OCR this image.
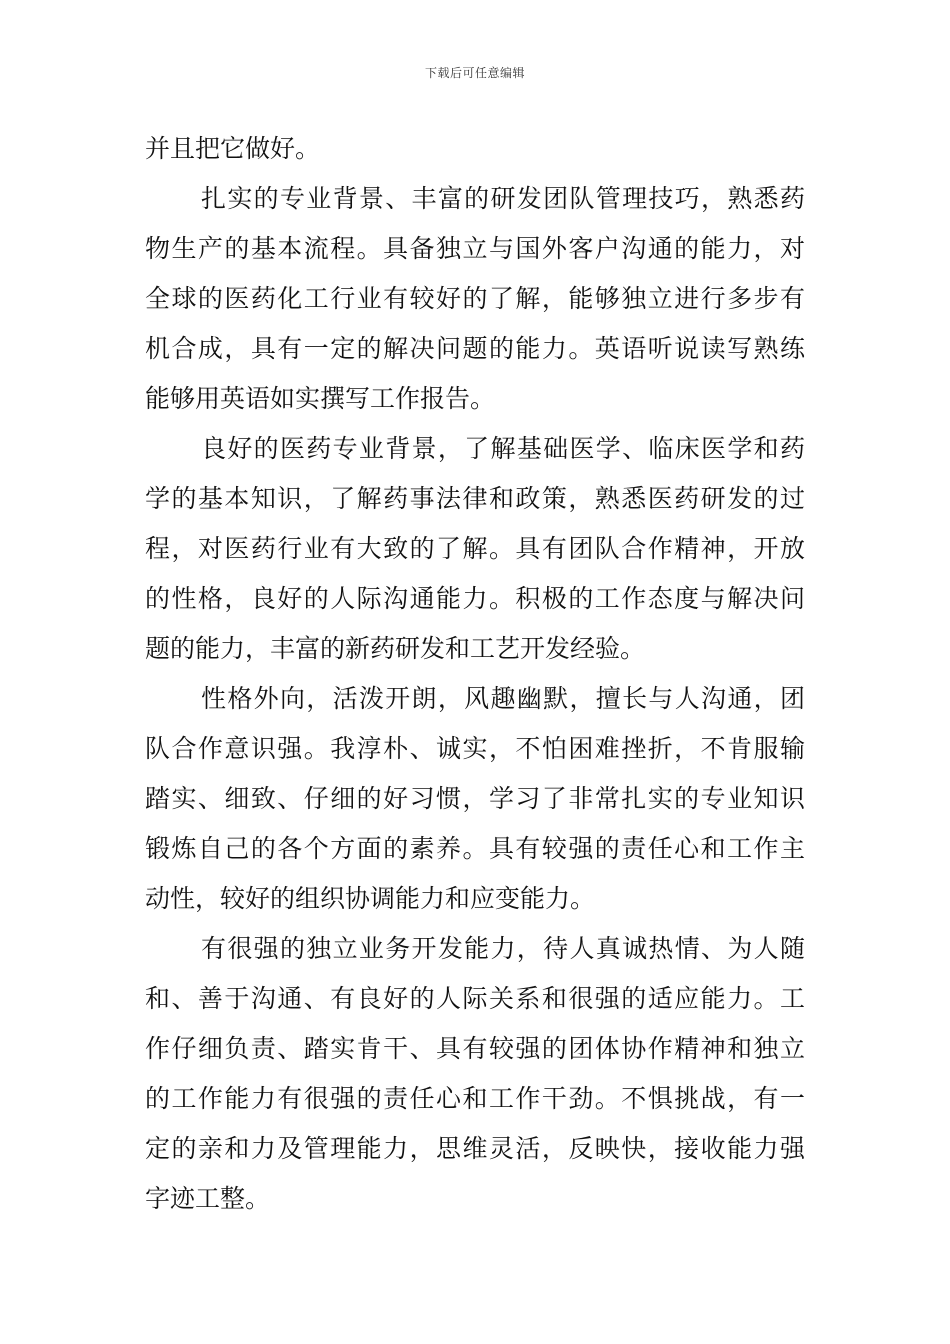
下载后可任意编辑
并且把它做好。
扎实的专业背景、丰富的研发团队管理技巧，熟悉药
物生产的基本流程。具备独立与国外客户沟通的能力，对
全球的医药化工行业有较好的了解，能够独立进行多步有
机合成，具有一定的解决问题的能力。英语听说读写熟练
能够用英语如实撰写工作报告。
良好的医药专业背景，了解基础医学、临床医学和药
学的基本知识，了解药事法律和政策，熟悉医药研发的过
程，对医药行业有大致的了解。具有团队合作精神，开放
的性格，良好的人际沟通能力。积极的工作态度与解决问
题的能力，丰富的新药研发和工艺开发经验。
性格外向，活泼开朗，风趣幽默，擅长与人沟通，团
队合作意识强。我淳朴、诚实，不怕困难挫折，不肯服输
踏实、细致、仔细的好习惯，学习了非常扎实的专业知识
锻炼自己的各个方面的素养。具有较强的责任心和工作主
动性，较好的组织协调能力和应变能力。
有很强的独立业务开发能力，待人真诚热情、为人随
和、善于沟通、有良好的人际关系和很强的适应能力。工
作仔细负责、踏实肯干、具有较强的团体协作精神和独立
的工作能力有很强的责任心和工作干劲。不惧挑战，有一
定的亲和力及管理能力，思维灵活，反映快，接收能力强
字迹工整。
